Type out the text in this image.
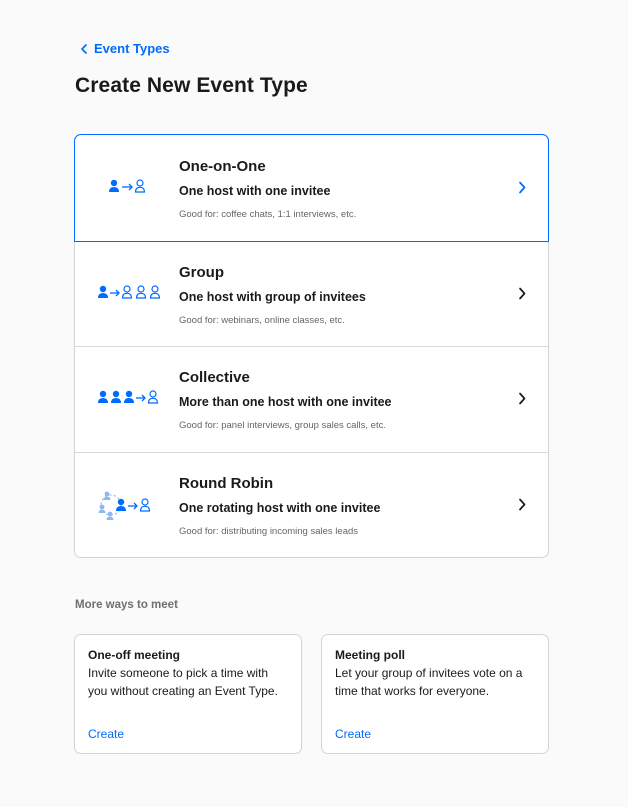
Event Types
Create New Event Type
One-on-One
One host with one invitee
Good for: coffee chats, 1:1 interviews, etc.
Group
One host with group of invitees
Good for: webinars, online classes, etc.
Collective
More than one host with one invitee
Good for: panel interviews, group sales calls, etc.
Round Robin
One rotating host with one invitee
Good for: distributing incoming sales leads
More ways to meet
One-off meeting
Invite someone to pick a time with you without creating an Event Type.
Create
Meeting poll
Let your group of invitees vote on a time that works for everyone.
Create
